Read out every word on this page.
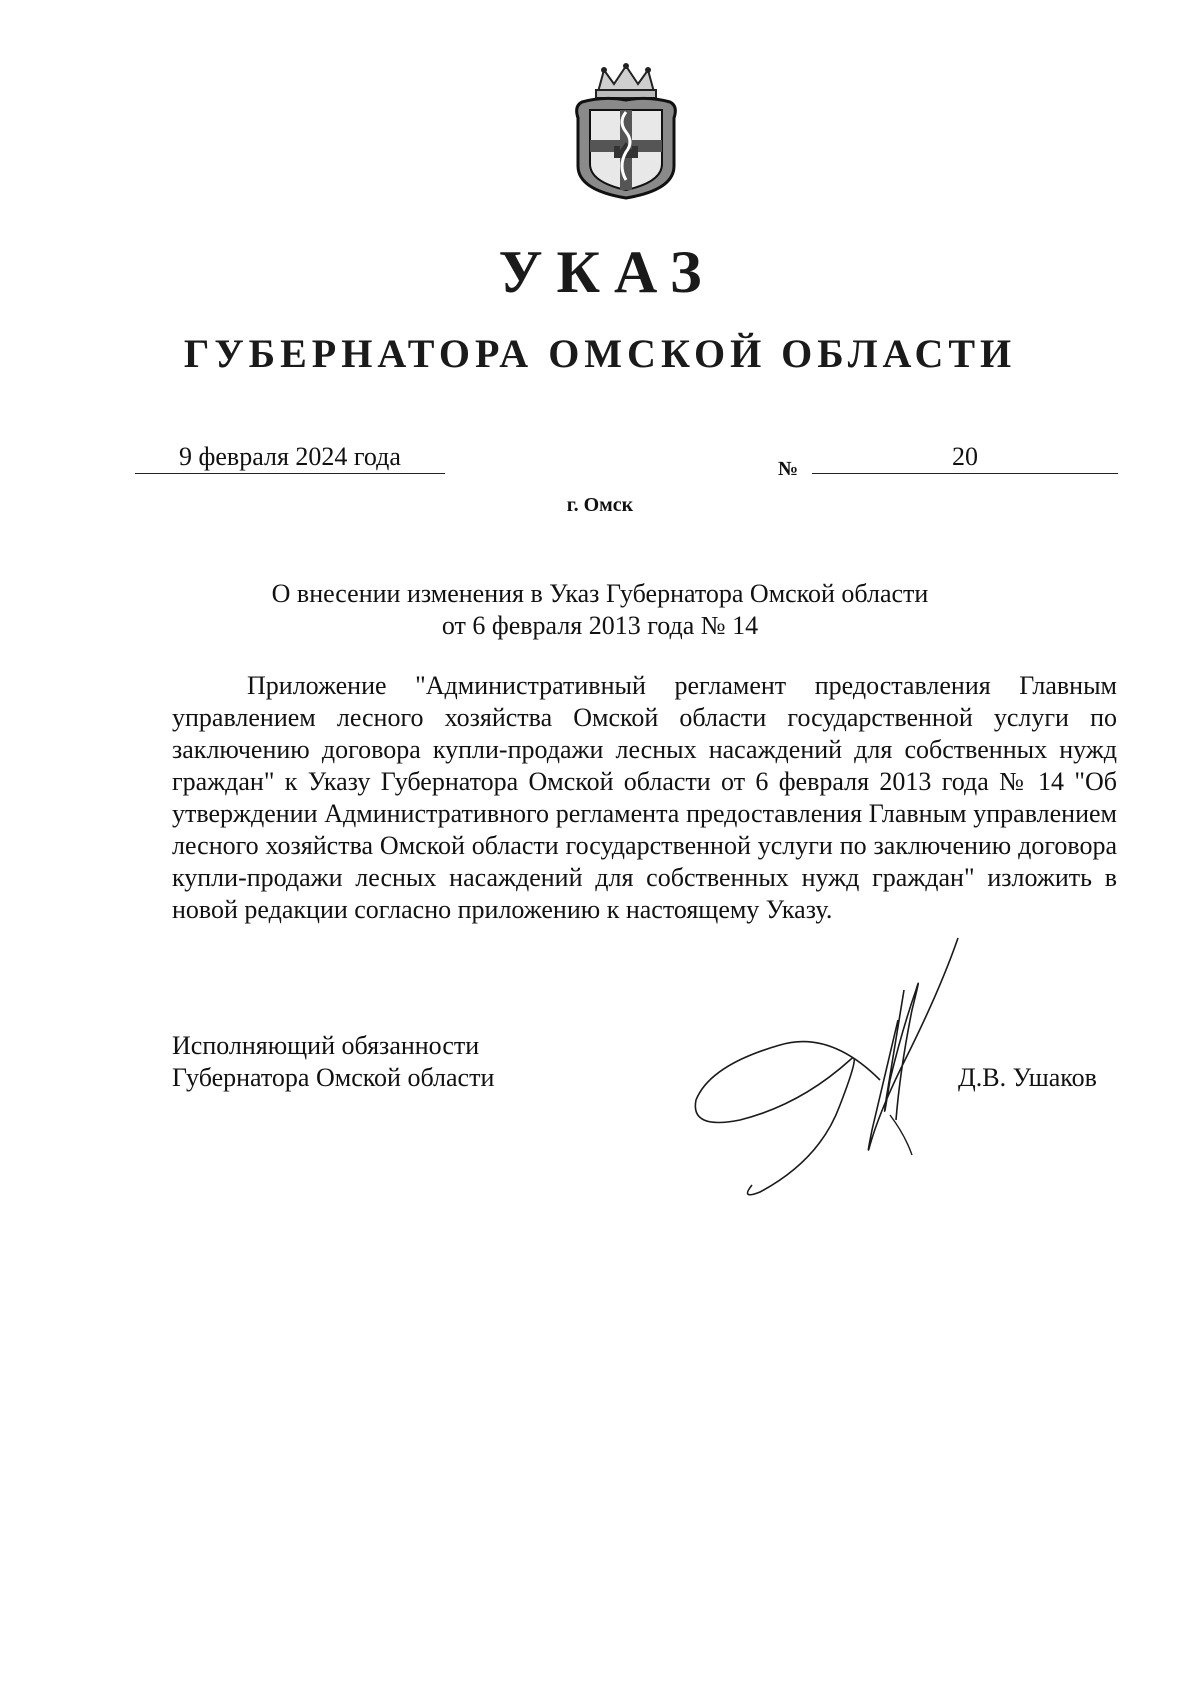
УКАЗ
ГУБЕРНАТОРА ОМСКОЙ ОБЛАСТИ
9 февраля 2024 года	№	20
г. Омск
О внесении изменения в Указ Губернатора Омской области
от 6 февраля 2013 года № 14

Приложение "Административный регламент предоставления Главным управлением лесного хозяйства Омской области государственной услуги по заключению договора купли-продажи лесных насаждений для собственных нужд граждан" к Указу Губернатора Омской области от 6 февраля 2013 года № 14 "Об утверждении Административного регламента предоставления Главным управлением лесного хозяйства Омской области государственной услуги по заключению договора купли-продажи лесных насаждений для собственных нужд граждан" изложить в новой редакции согласно приложению к настоящему Указу.

Исполняющий обязанности
Губернатора Омской области	Д.В. Ушаков
